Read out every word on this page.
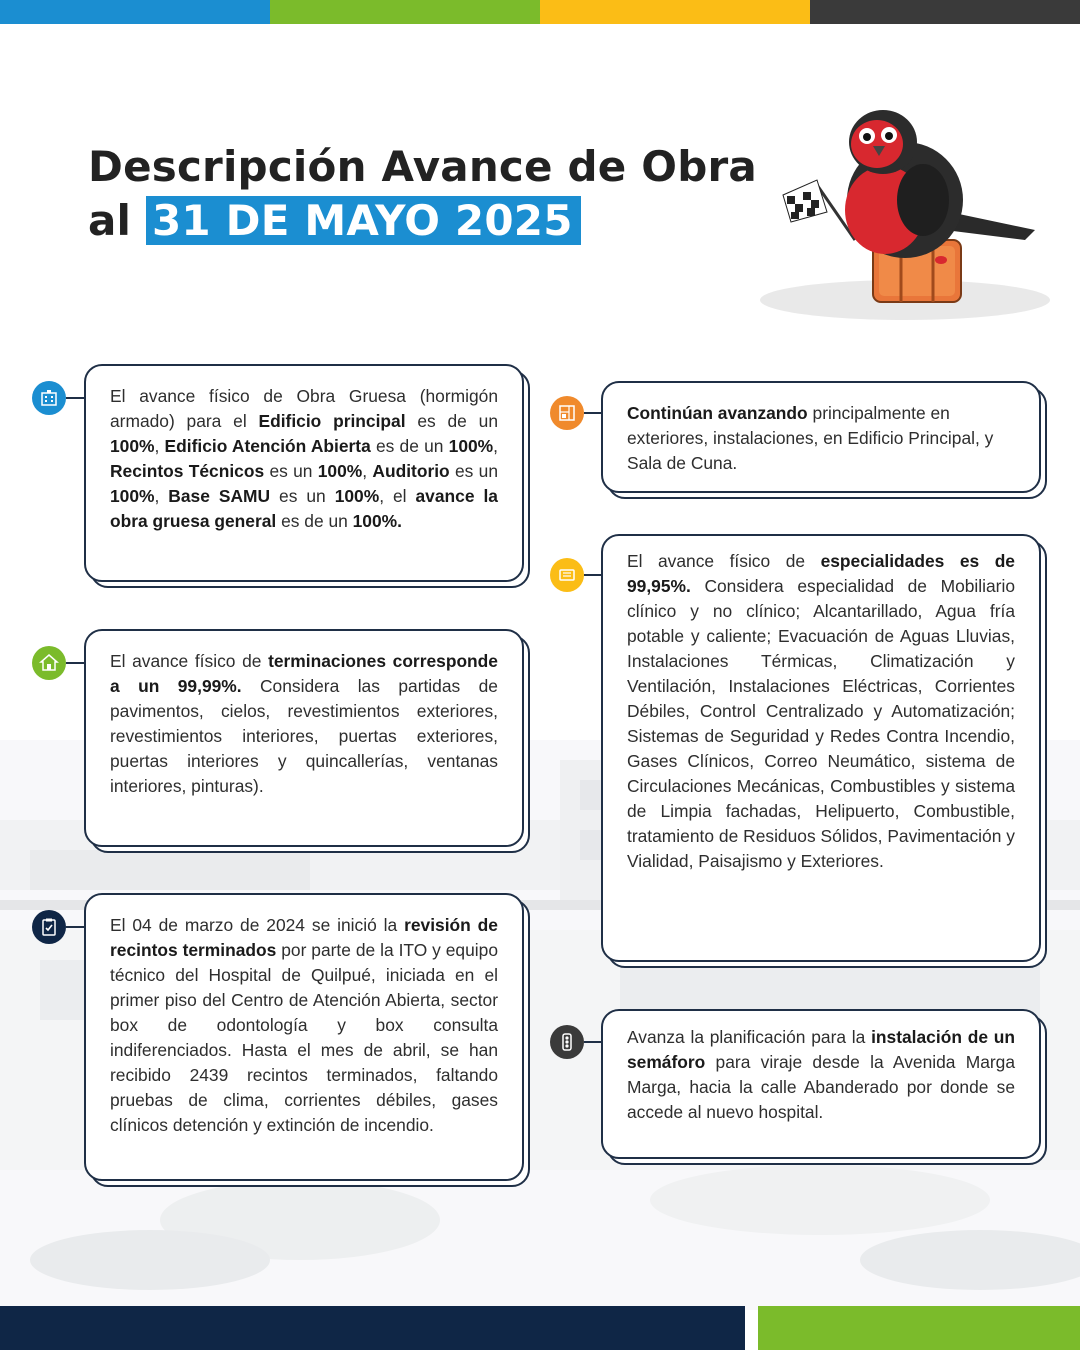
Descripción Avance de Obra
al 31 DE MAYO 2025

El avance físico de Obra Gruesa (hormigón armado) para el Edificio principal es de un 100%, Edificio Atención Abierta es de un 100%, Recintos Técnicos es un 100%, Auditorio es un 100%, Base SAMU es un 100%, el avance la obra gruesa general es de un 100%.

El avance físico de terminaciones corresponde a un 99,99%. Considera las partidas de pavimentos, cielos, revestimientos exteriores, revestimientos interiores, puertas exteriores, puertas interiores y quincallerías, ventanas interiores, pinturas).

El 04 de marzo de 2024 se inició la revisión de recintos terminados por parte de la ITO y equipo técnico del Hospital de Quilpué, iniciada en el primer piso del Centro de Atención Abierta, sector box de odontología y box consulta indiferenciados. Hasta el mes de abril, se han recibido 2439 recintos terminados, faltando pruebas de clima, corrientes débiles, gases clínicos detención y extinción de incendio.

Continúan avanzando principalmente en exteriores, instalaciones, en Edificio Principal, y Sala de Cuna.

El avance físico de especialidades es de 99,95%. Considera especialidad de Mobiliario clínico y no clínico; Alcantarillado, Agua fría potable y caliente; Evacuación de Aguas Lluvias, Instalaciones Térmicas, Climatización y Ventilación, Instalaciones Eléctricas, Corrientes Débiles, Control Centralizado y Automatización; Sistemas de Seguridad y Redes Contra Incendio, Gases Clínicos, Correo Neumático, sistema de Circulaciones Mecánicas, Combustibles y sistema de Limpia fachadas, Helipuerto, Combustible, tratamiento de Residuos Sólidos, Pavimentación y Vialidad, Paisajismo y Exteriores.

Avanza la planificación para la instalación de un semáforo para viraje desde la Avenida Marga Marga, hacia la calle Abanderado por donde se accede al nuevo hospital.
